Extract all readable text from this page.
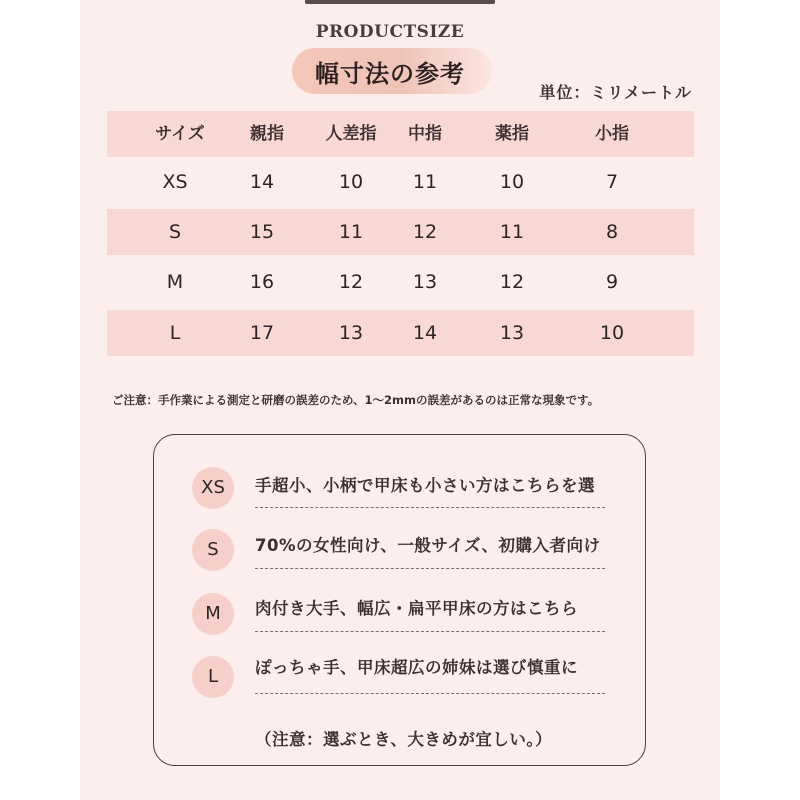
PRODUCTSIZE
幅寸法の参考
単位：ミリメートル
サイズ	親指	人差指	中指	薬指	小指
XS	14	10	11	10	7
S	15	11	12	11	8
M	16	12	13	12	9
L	17	13	14	13	10
ご注意：手作業による測定と研磨の誤差のため、1～2mmの誤差があるのは正常な現象です。
XS	手超小、小柄で甲床も小さい方はこちらを選
S	70%の女性向け、一般サイズ、初購入者向け
M	肉付き大手、幅広・扁平甲床の方はこちら
L	ぽっちゃ手、甲床超広の姉妹は選び慎重に
（注意：選ぶとき、大きめが宜しい。）
